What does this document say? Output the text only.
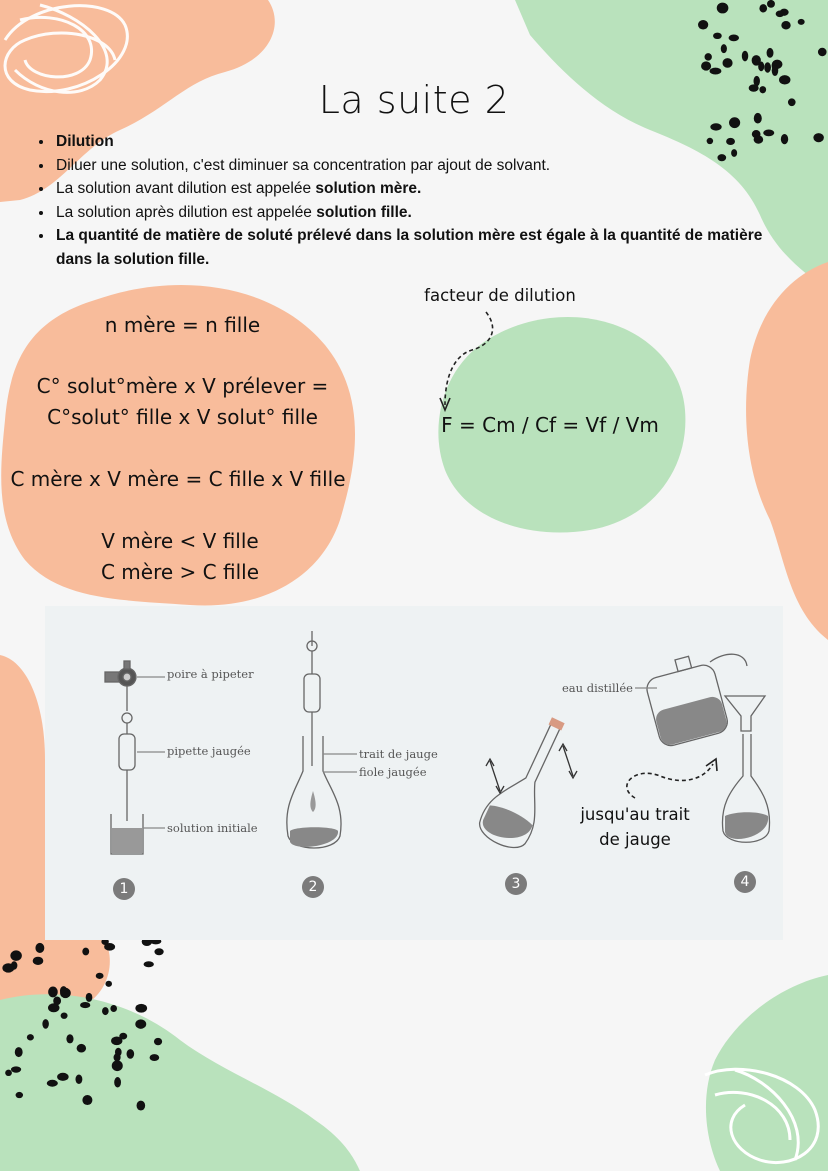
La suite 2
• Dilution
• Diluer une solution, c'est diminuer sa concentration par ajout de solvant.
• La solution avant dilution est appelée solution mère.
• La solution après dilution est appelée solution fille.
• La quantité de matière de soluté prélevé dans la solution mère est égale à la quantité de matière dans la solution fille.
n mère = n fille
C° solut°mère x V prélever =
C°solut° fille x V solut° fille
C mère x V mère = C fille x V fille
V mère < V fille
C mère > C fille
facteur de dilution
F = Cm / Cf = Vf / Vm
poire à pipeter
pipette jaugée
solution initiale
trait de jauge
fiole jaugée
eau distillée
1	2	3	4
jusqu'au trait
de jauge
